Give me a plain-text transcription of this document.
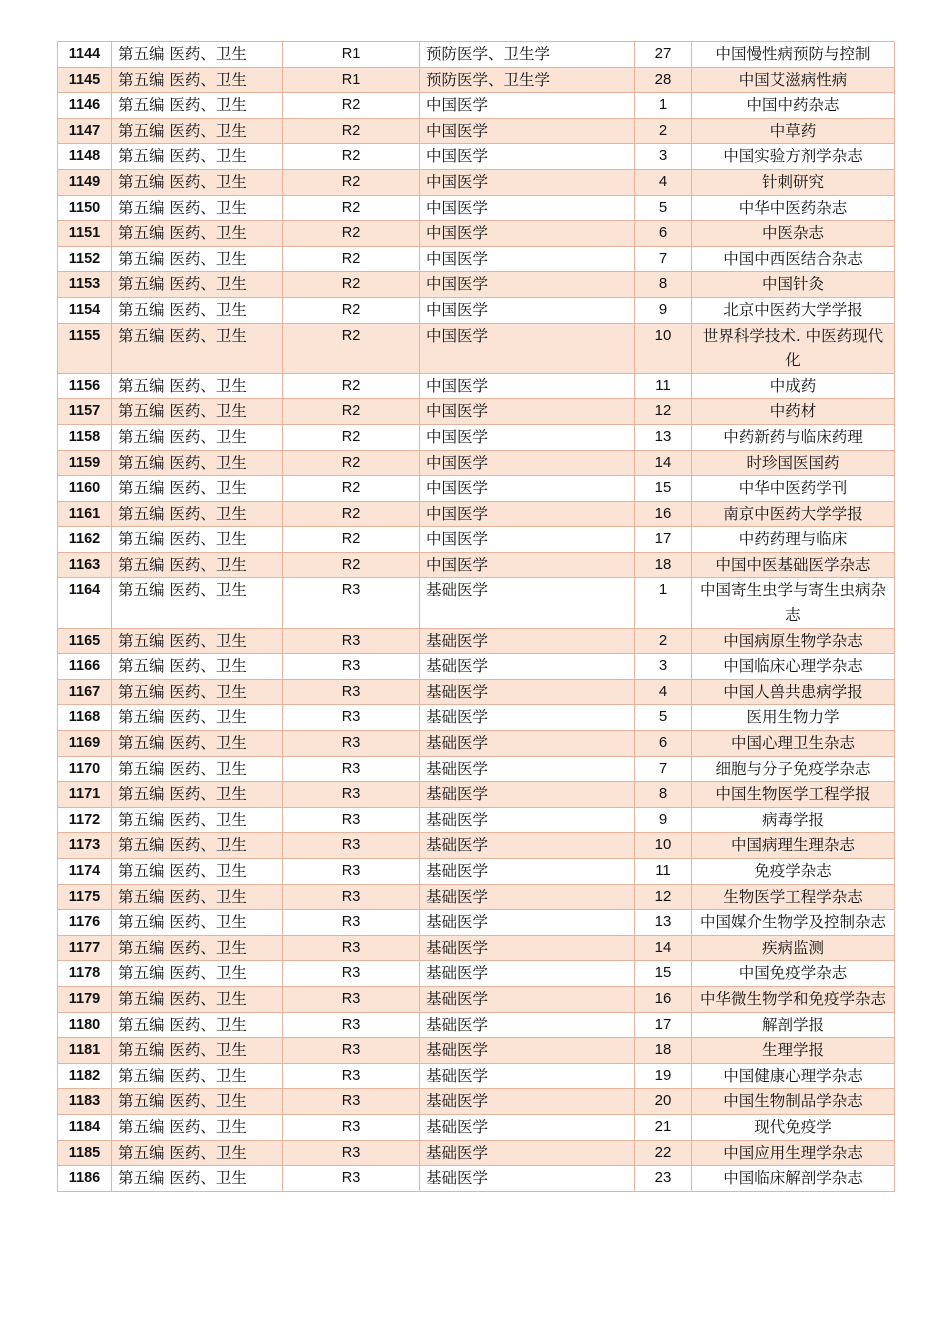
1144	第五编 医药、卫生	R1	预防医学、卫生学	27	中国慢性病预防与控制
1145	第五编 医药、卫生	R1	预防医学、卫生学	28	中国艾滋病性病
1146	第五编 医药、卫生	R2	中国医学	1	中国中药杂志
1147	第五编 医药、卫生	R2	中国医学	2	中草药
1148	第五编 医药、卫生	R2	中国医学	3	中国实验方剂学杂志
1149	第五编 医药、卫生	R2	中国医学	4	针刺研究
1150	第五编 医药、卫生	R2	中国医学	5	中华中医药杂志
1151	第五编 医药、卫生	R2	中国医学	6	中医杂志
1152	第五编 医药、卫生	R2	中国医学	7	中国中西医结合杂志
1153	第五编 医药、卫生	R2	中国医学	8	中国针灸
1154	第五编 医药、卫生	R2	中国医学	9	北京中医药大学学报
1155	第五编 医药、卫生	R2	中国医学	10	世界科学技术. 中医药现代化
1156	第五编 医药、卫生	R2	中国医学	11	中成药
1157	第五编 医药、卫生	R2	中国医学	12	中药材
1158	第五编 医药、卫生	R2	中国医学	13	中药新药与临床药理
1159	第五编 医药、卫生	R2	中国医学	14	时珍国医国药
1160	第五编 医药、卫生	R2	中国医学	15	中华中医药学刊
1161	第五编 医药、卫生	R2	中国医学	16	南京中医药大学学报
1162	第五编 医药、卫生	R2	中国医学	17	中药药理与临床
1163	第五编 医药、卫生	R2	中国医学	18	中国中医基础医学杂志
1164	第五编 医药、卫生	R3	基础医学	1	中国寄生虫学与寄生虫病杂志
1165	第五编 医药、卫生	R3	基础医学	2	中国病原生物学杂志
1166	第五编 医药、卫生	R3	基础医学	3	中国临床心理学杂志
1167	第五编 医药、卫生	R3	基础医学	4	中国人兽共患病学报
1168	第五编 医药、卫生	R3	基础医学	5	医用生物力学
1169	第五编 医药、卫生	R3	基础医学	6	中国心理卫生杂志
1170	第五编 医药、卫生	R3	基础医学	7	细胞与分子免疫学杂志
1171	第五编 医药、卫生	R3	基础医学	8	中国生物医学工程学报
1172	第五编 医药、卫生	R3	基础医学	9	病毒学报
1173	第五编 医药、卫生	R3	基础医学	10	中国病理生理杂志
1174	第五编 医药、卫生	R3	基础医学	11	免疫学杂志
1175	第五编 医药、卫生	R3	基础医学	12	生物医学工程学杂志
1176	第五编 医药、卫生	R3	基础医学	13	中国媒介生物学及控制杂志
1177	第五编 医药、卫生	R3	基础医学	14	疾病监测
1178	第五编 医药、卫生	R3	基础医学	15	中国免疫学杂志
1179	第五编 医药、卫生	R3	基础医学	16	中华微生物学和免疫学杂志
1180	第五编 医药、卫生	R3	基础医学	17	解剖学报
1181	第五编 医药、卫生	R3	基础医学	18	生理学报
1182	第五编 医药、卫生	R3	基础医学	19	中国健康心理学杂志
1183	第五编 医药、卫生	R3	基础医学	20	中国生物制品学杂志
1184	第五编 医药、卫生	R3	基础医学	21	现代免疫学
1185	第五编 医药、卫生	R3	基础医学	22	中国应用生理学杂志
1186	第五编 医药、卫生	R3	基础医学	23	中国临床解剖学杂志
